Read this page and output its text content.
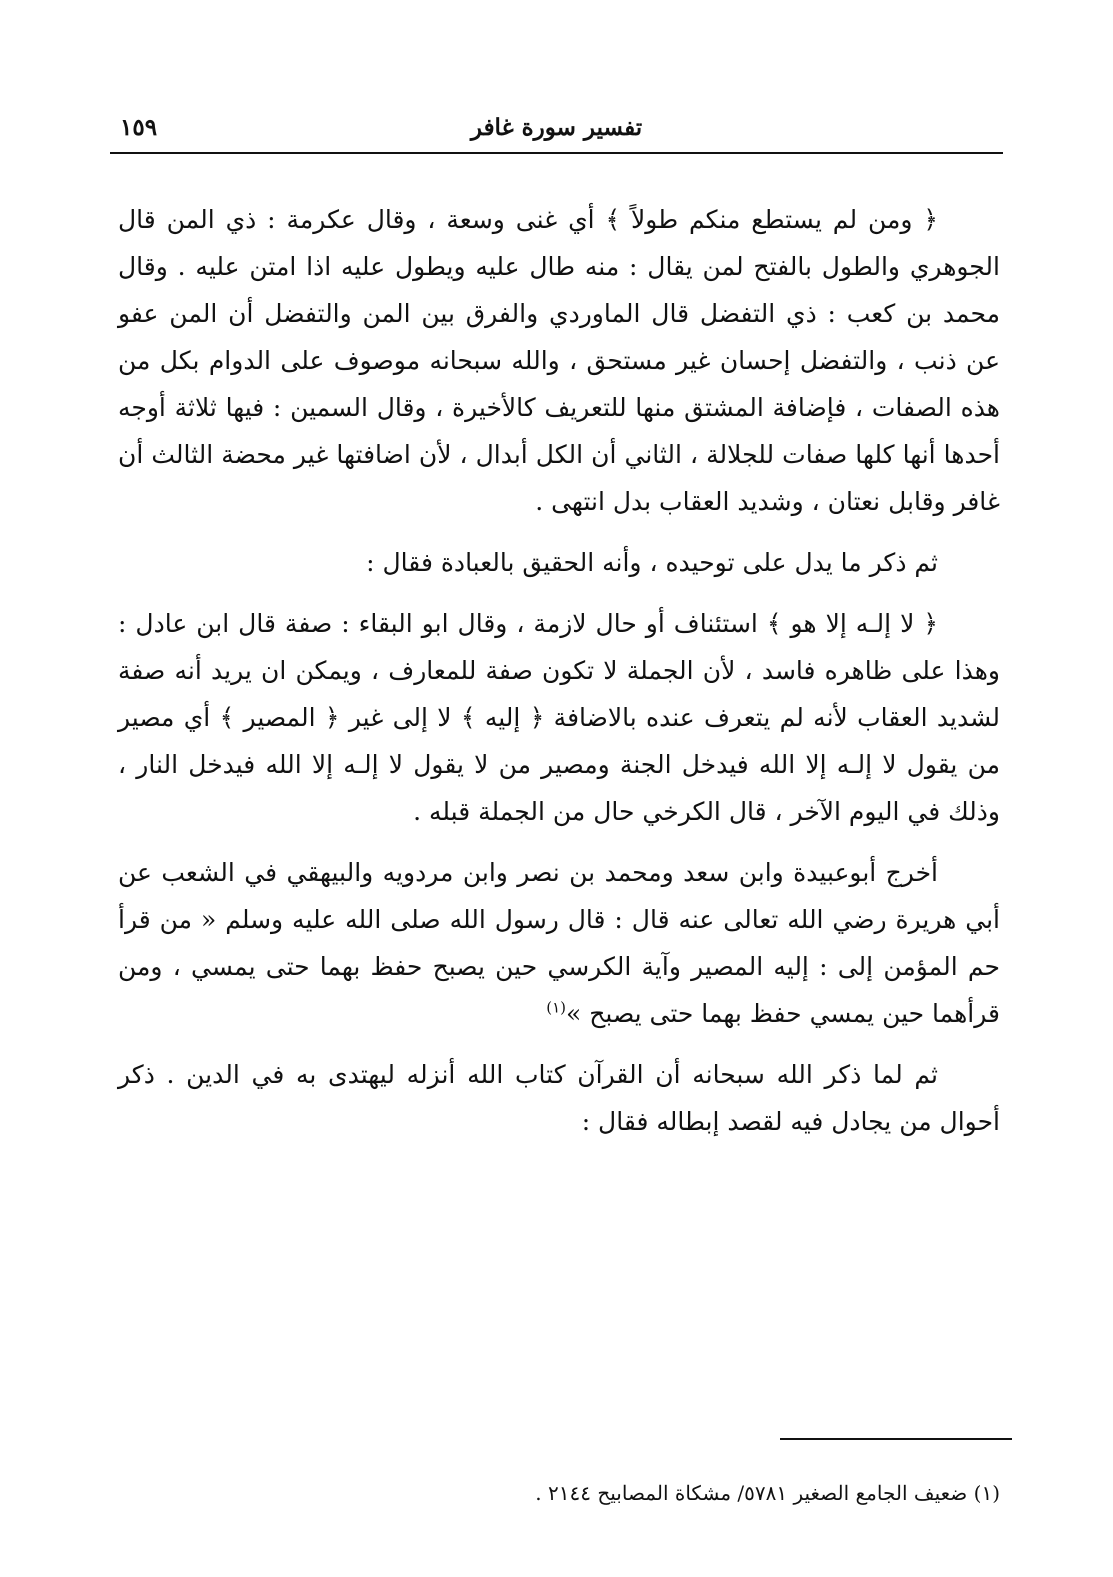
١٥٩	تفسير سورة غافر

﴿ ومن لم يستطع منكم طولاً ﴾ أي غنى وسعة ، وقال عكرمة : ذي المن قال الجوهري والطول بالفتح لمن يقال : منه طال عليه ويطول عليه اذا امتن عليه . وقال محمد بن كعب : ذي التفضل قال الماوردي والفرق بين المن والتفضل أن المن عفو عن ذنب ، والتفضل إحسان غير مستحق ، والله سبحانه موصوف على الدوام بكل من هذه الصفات ، فإضافة المشتق منها للتعريف كالأخيرة ، وقال السمين : فيها ثلاثة أوجه أحدها أنها كلها صفات للجلالة ، الثاني أن الكل أبدال ، لأن اضافتها غير محضة الثالث أن غافر وقابل نعتان ، وشديد العقاب بدل انتهى .

ثم ذكر ما يدل على توحيده ، وأنه الحقيق بالعبادة فقال :

﴿ لا إلـه إلا هو ﴾ استئناف أو حال لازمة ، وقال ابو البقاء : صفة قال ابن عادل : وهذا على ظاهره فاسد ، لأن الجملة لا تكون صفة للمعارف ، ويمكن ان يريد أنه صفة لشديد العقاب لأنه لم يتعرف عنده بالاضافة ﴿ إليه ﴾ لا إلى غير ﴿ المصير ﴾ أي مصير من يقول لا إلـه إلا الله فيدخل الجنة ومصير من لا يقول لا إلـه إلا الله فيدخل النار ، وذلك في اليوم الآخر ، قال الكرخي حال من الجملة قبله .

أخرج أبوعبيدة وابن سعد ومحمد بن نصر وابن مردويه والبيهقي في الشعب عن أبي هريرة رضي الله تعالى عنه قال : قال رسول الله صلى الله عليه وسلم « من قرأ حم المؤمن إلى : إليه المصير وآية الكرسي حين يصبح حفظ بهما حتى يمسي ، ومن قرأهما حين يمسي حفظ بهما حتى يصبح »$^{(١)}$

ثم لما ذكر الله سبحانه أن القرآن كتاب الله أنزله ليهتدى به في الدين . ذكر أحوال من يجادل فيه لقصد إبطاله فقال :

(١) ضعيف الجامع الصغير ٥٧٨١/ مشكاة المصابيح ٢١٤٤ .
